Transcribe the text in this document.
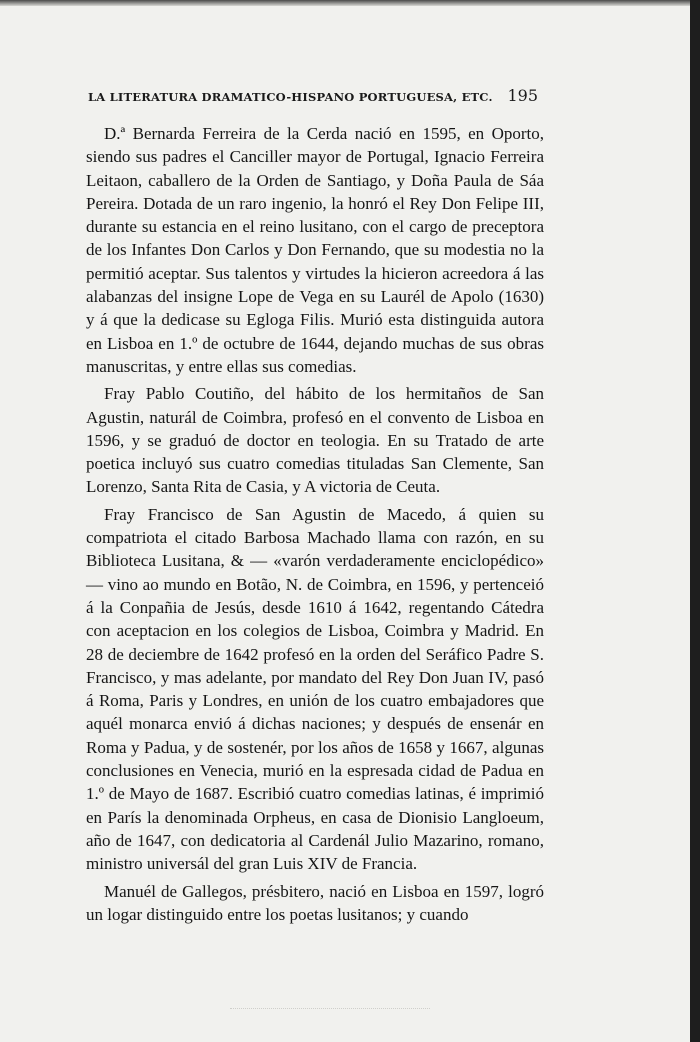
LA LITERATURA DRAMATICO-HISPANO PORTUGUESA, ETC. 195

D.ª Bernarda Ferreira de la Cerda nació en 1595, en Oporto, siendo sus padres el Canciller mayor de Portugal, Ignacio Ferreira Leitaon, caballero de la Orden de Santiago, y Doña Paula de Sáa Pereira. Dotada de un raro ingenio, la honró el Rey Don Felipe III, durante su estancia en el reino lusitano, con el cargo de preceptora de los Infantes Don Carlos y Don Fernando, que su modestia no la permitió aceptar. Sus talentos y virtudes la hicieron acreedora á las alabanzas del insigne Lope de Vega en su Laurél de Apolo (1630) y á que la dedicase su Egloga Filis. Murió esta distinguida autora en Lisboa en 1.º de octubre de 1644, dejando muchas de sus obras manuscritas, y entre ellas sus comedias.

Fray Pablo Coutiño, del hábito de los hermitaños de San Agustin, naturál de Coimbra, profesó en el convento de Lisboa en 1596, y se graduó de doctor en teologia. En su Tratado de arte poetica incluyó sus cuatro comedias tituladas San Clemente, San Lorenzo, Santa Rita de Casia, y A victoria de Ceuta.

Fray Francisco de San Agustin de Macedo, á quien su compatriota el citado Barbosa Machado llama con razón, en su Biblioteca Lusitana, & — «varón verdaderamente enciclopédico» — vino ao mundo en Botão, N. de Coimbra, en 1596, y pertenceió á la Conpañia de Jesús, desde 1610 á 1642, regentando Cátedra con aceptacion en los colegios de Lisboa, Coimbra y Madrid. En 28 de deciembre de 1642 profesó en la orden del Seráfico Padre S. Francisco, y mas adelante, por mandato del Rey Don Juan IV, pasó á Roma, Paris y Londres, en unión de los cuatro embajadores que aquél monarca envió á dichas naciones; y después de ensenár en Roma y Padua, y de sostenér, por los años de 1658 y 1667, algunas conclusiones en Venecia, murió en la espresada cidad de Padua en 1.º de Mayo de 1687. Escribió cuatro comedias latinas, é imprimió en París la denominada Orpheus, en casa de Dionisio Langloeum, año de 1647, con dedicatoria al Cardenál Julio Mazarino, romano, ministro universál del gran Luis XIV de Francia.

Manuél de Gallegos, présbitero, nació en Lisboa en 1597, logró un logar distinguido entre los poetas lusitanos; y cuando
